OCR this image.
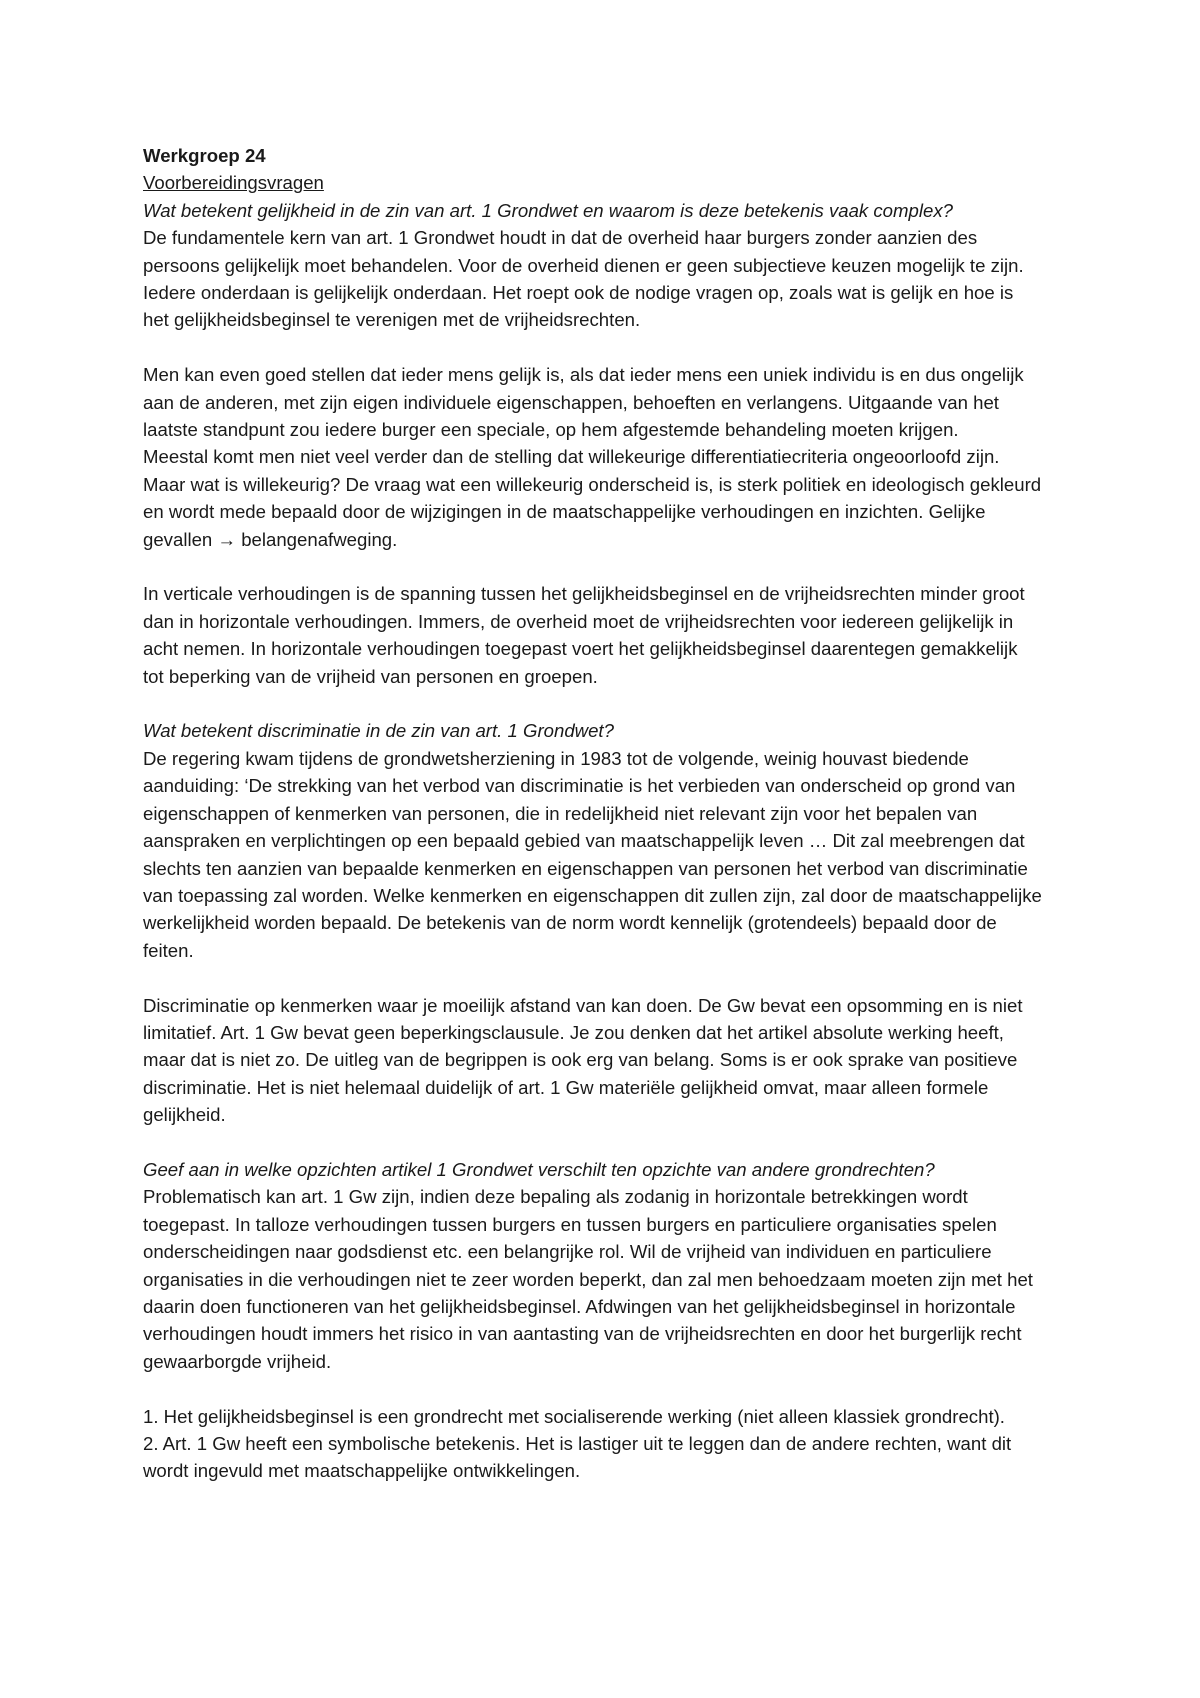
Werkgroep 24

Voorbereidingsvragen

Wat betekent gelijkheid in de zin van art. 1 Grondwet en waarom is deze betekenis vaak complex?

De fundamentele kern van art. 1 Grondwet houdt in dat de overheid haar burgers zonder aanzien des persoons gelijkelijk moet behandelen. Voor de overheid dienen er geen subjectieve keuzen mogelijk te zijn. Iedere onderdaan is gelijkelijk onderdaan. Het roept ook de nodige vragen op, zoals wat is gelijk en hoe is het gelijkheidsbeginsel te verenigen met de vrijheidsrechten.

Men kan even goed stellen dat ieder mens gelijk is, als dat ieder mens een uniek individu is en dus ongelijk aan de anderen, met zijn eigen individuele eigenschappen, behoeften en verlangens. Uitgaande van het laatste standpunt zou iedere burger een speciale, op hem afgestemde behandeling moeten krijgen.

Meestal komt men niet veel verder dan de stelling dat willekeurige differentiatiecriteria ongeoorloofd zijn. Maar wat is willekeurig? De vraag wat een willekeurig onderscheid is, is sterk politiek en ideologisch gekleurd en wordt mede bepaald door de wijzigingen in de maatschappelijke verhoudingen en inzichten. Gelijke gevallen → belangenafweging.

In verticale verhoudingen is de spanning tussen het gelijkheidsbeginsel en de vrijheidsrechten minder groot dan in horizontale verhoudingen. Immers, de overheid moet de vrijheidsrechten voor iedereen gelijkelijk in acht nemen. In horizontale verhoudingen toegepast voert het gelijkheidsbeginsel daarentegen gemakkelijk tot beperking van de vrijheid van personen en groepen.

Wat betekent discriminatie in de zin van art. 1 Grondwet?

De regering kwam tijdens de grondwetsherziening in 1983 tot de volgende, weinig houvast biedende aanduiding: ‘De strekking van het verbod van discriminatie is het verbieden van onderscheid op grond van eigenschappen of kenmerken van personen, die in redelijkheid niet relevant zijn voor het bepalen van aanspraken en verplichtingen op een bepaald gebied van maatschappelijk leven … Dit zal meebrengen dat slechts ten aanzien van bepaalde kenmerken en eigenschappen van personen het verbod van discriminatie van toepassing zal worden. Welke kenmerken en eigenschappen dit zullen zijn, zal door de maatschappelijke werkelijkheid worden bepaald. De betekenis van de norm wordt kennelijk (grotendeels) bepaald door de feiten.

Discriminatie op kenmerken waar je moeilijk afstand van kan doen. De Gw bevat een opsomming en is niet limitatief. Art. 1 Gw bevat geen beperkingsclausule. Je zou denken dat het artikel absolute werking heeft, maar dat is niet zo. De uitleg van de begrippen is ook erg van belang. Soms is er ook sprake van positieve discriminatie. Het is niet helemaal duidelijk of art. 1 Gw materiële gelijkheid omvat, maar alleen formele gelijkheid.

Geef aan in welke opzichten artikel 1 Grondwet verschilt ten opzichte van andere grondrechten?

Problematisch kan art. 1 Gw zijn, indien deze bepaling als zodanig in horizontale betrekkingen wordt toegepast. In talloze verhoudingen tussen burgers en tussen burgers en particuliere organisaties spelen onderscheidingen naar godsdienst etc. een belangrijke rol. Wil de vrijheid van individuen en particuliere organisaties in die verhoudingen niet te zeer worden beperkt, dan zal men behoedzaam moeten zijn met het daarin doen functioneren van het gelijkheidsbeginsel. Afdwingen van het gelijkheidsbeginsel in horizontale verhoudingen houdt immers het risico in van aantasting van de vrijheidsrechten en door het burgerlijk recht gewaarborgde vrijheid.

1. Het gelijkheidsbeginsel is een grondrecht met socialiserende werking (niet alleen klassiek grondrecht).

2. Art. 1 Gw heeft een symbolische betekenis. Het is lastiger uit te leggen dan de andere rechten, want dit wordt ingevuld met maatschappelijke ontwikkelingen.
